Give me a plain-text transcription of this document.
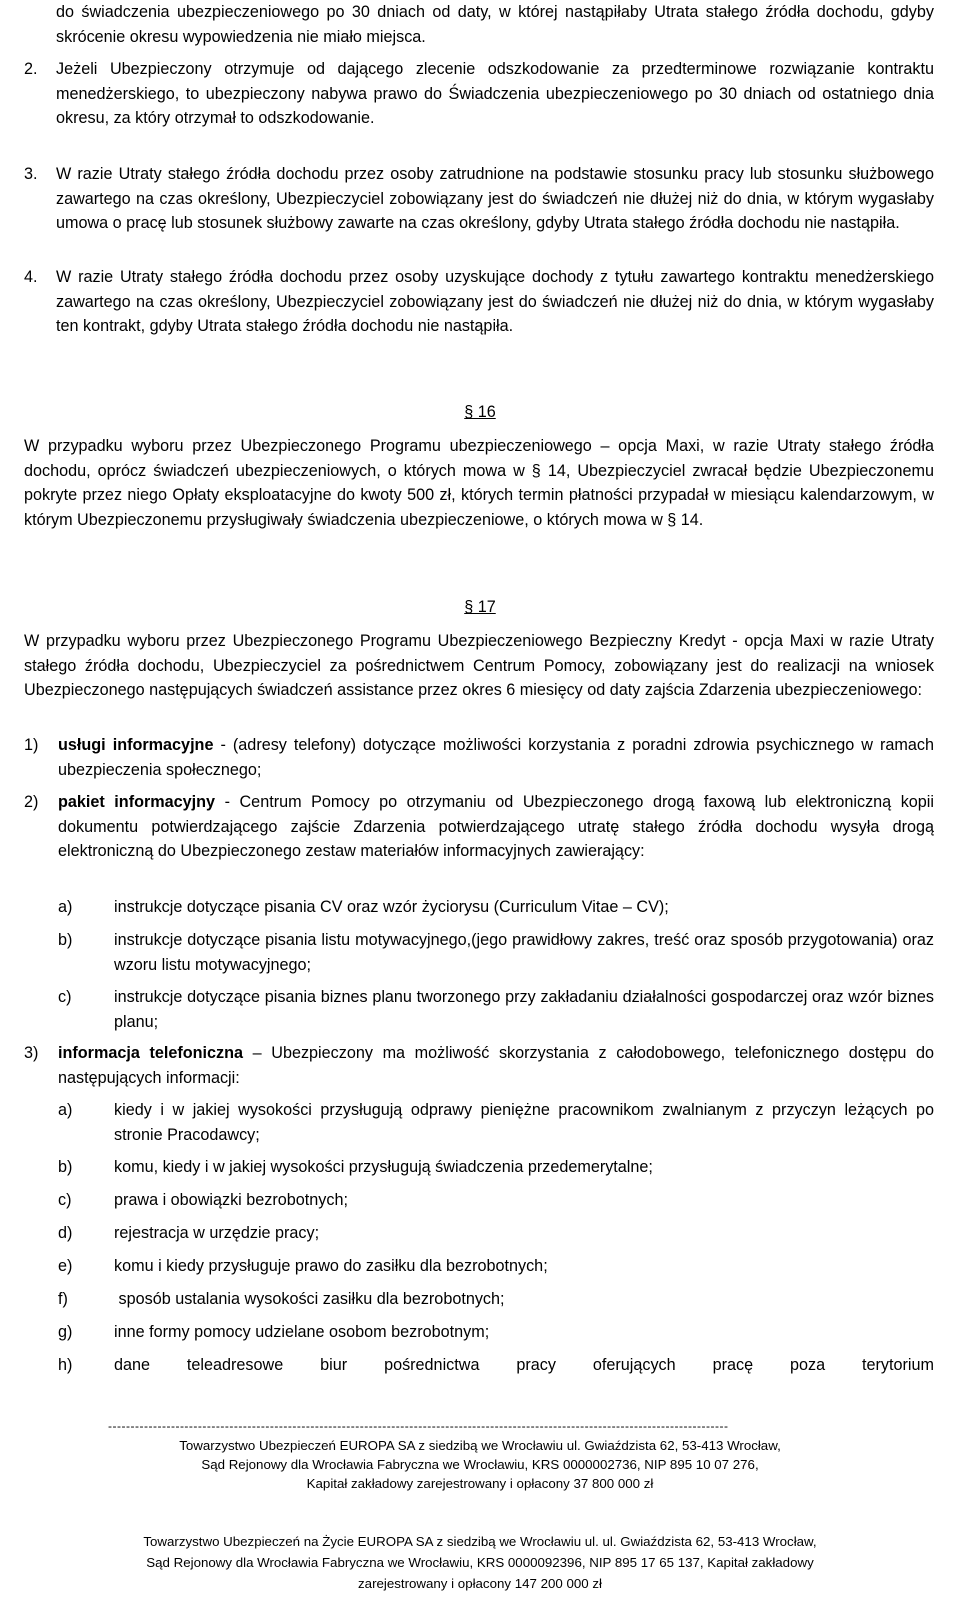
do świadczenia ubezpieczeniowego po 30 dniach od daty, w której nastąpiłaby Utrata stałego źródła dochodu, gdyby skrócenie okresu wypowiedzenia nie miało miejsca.
2. Jeżeli Ubezpieczony otrzymuje od dającego zlecenie odszkodowanie za przedterminowe rozwiązanie kontraktu menedżerskiego, to ubezpieczony nabywa prawo do Świadczenia ubezpieczeniowego po 30 dniach od ostatniego dnia okresu, za który otrzymał to odszkodowanie.
3. W razie Utraty stałego źródła dochodu przez osoby zatrudnione na podstawie stosunku pracy lub stosunku służbowego zawartego na czas określony, Ubezpieczyciel zobowiązany jest do świadczeń nie dłużej niż do dnia, w którym wygasłaby umowa o pracę lub stosunek służbowy zawarte na czas określony, gdyby Utrata stałego źródła dochodu nie nastąpiła.
4. W razie Utraty stałego źródła dochodu przez osoby uzyskujące dochody z tytułu zawartego kontraktu menedżerskiego zawartego na czas określony, Ubezpieczyciel zobowiązany jest do świadczeń nie dłużej niż do dnia, w którym wygasłaby ten kontrakt, gdyby Utrata stałego źródła dochodu nie nastąpiła.
§ 16
W przypadku wyboru przez Ubezpieczonego Programu ubezpieczeniowego – opcja Maxi, w razie Utraty stałego źródła dochodu, oprócz świadczeń ubezpieczeniowych, o których mowa w § 14, Ubezpieczyciel zwracał będzie Ubezpieczonemu pokryte przez niego Opłaty eksploatacyjne do kwoty 500 zł, których termin płatności przypadał w miesiącu kalendarzowym, w którym Ubezpieczonemu przysługiwały świadczenia ubezpieczeniowe, o których mowa w § 14.
§ 17
W przypadku wyboru przez Ubezpieczonego Programu Ubezpieczeniowego Bezpieczny Kredyt - opcja Maxi w razie Utraty stałego źródła dochodu, Ubezpieczyciel za pośrednictwem Centrum Pomocy, zobowiązany jest do realizacji na wniosek Ubezpieczonego następujących świadczeń assistance przez okres 6 miesięcy od daty zajścia Zdarzenia ubezpieczeniowego:
1) usługi informacyjne - (adresy telefony) dotyczące możliwości korzystania z poradni zdrowia psychicznego w ramach ubezpieczenia społecznego;
2) pakiet informacyjny - Centrum Pomocy po otrzymaniu od Ubezpieczonego drogą faxową lub elektroniczną kopii dokumentu potwierdzającego zajście Zdarzenia potwierdzającego utratę stałego źródła dochodu wysyła drogą elektroniczną do Ubezpieczonego zestaw materiałów informacyjnych zawierający:
a)	instrukcje dotyczące pisania CV oraz wzór życiorysu (Curriculum Vitae – CV);
b)	instrukcje dotyczące pisania listu motywacyjnego,(jego prawidłowy zakres, treść oraz sposób przygotowania) oraz wzoru listu motywacyjnego;
c)	instrukcje dotyczące pisania biznes planu tworzonego przy zakładaniu działalności gospodarczej oraz wzór biznes planu;
3) informacja telefoniczna – Ubezpieczony ma możliwość skorzystania z całodobowego, telefonicznego dostępu do następujących informacji:
a)	kiedy i w jakiej wysokości przysługują odprawy pieniężne pracownikom zwalnianym z przyczyn leżących po stronie Pracodawcy;
b)	komu, kiedy i w jakiej wysokości przysługują świadczenia przedemerytalne;
c)	prawa i obowiązki bezrobotnych;
d)	rejestracja w urzędzie pracy;
e)	komu i kiedy przysługuje prawo do zasiłku dla bezrobotnych;
f)	sposób ustalania wysokości zasiłku dla bezrobotnych;
g)	inne formy pomocy udzielane osobom bezrobotnym;
h)	dane teleadresowe biur pośrednictwa pracy oferujących pracę poza terytorium
------------------------------------------------------------------------------------------------------------------------------------------
Towarzystwo Ubezpieczeń EUROPA SA z siedzibą we Wrocławiu ul. Gwiaździsta 62, 53-413 Wrocław,
Sąd Rejonowy dla Wrocławia Fabryczna we Wrocławiu, KRS 0000002736, NIP 895 10 07 276,
Kapitał zakładowy zarejestrowany i opłacony 37 800 000 zł
Towarzystwo Ubezpieczeń na Życie EUROPA SA z siedzibą we Wrocławiu ul. ul. Gwiaździsta 62, 53-413 Wrocław,
Sąd Rejonowy dla Wrocławia Fabryczna we Wrocławiu, KRS 0000092396, NIP 895 17 65 137, Kapitał zakładowy
zarejestrowany i opłacony 147 200 000 zł
